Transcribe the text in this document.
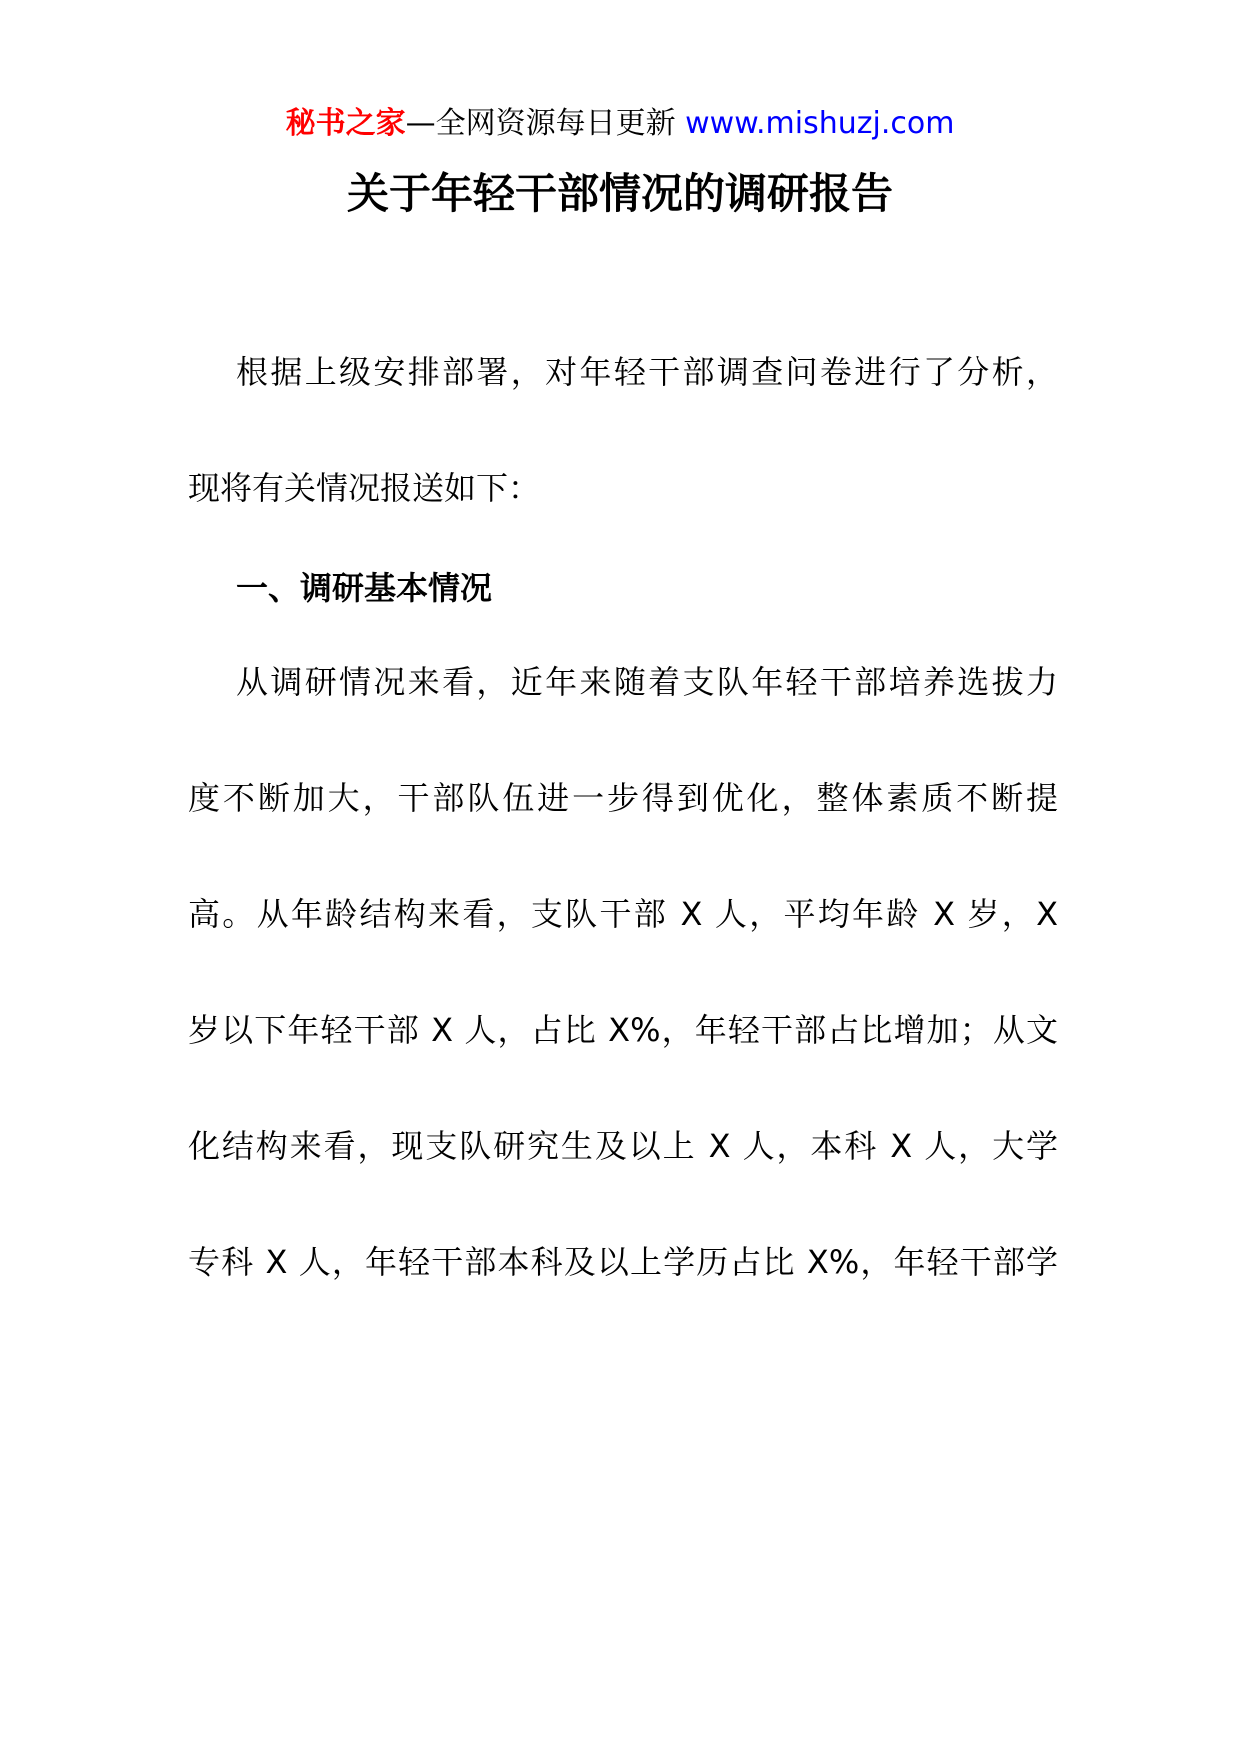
秘书之家—全网资源每日更新 www.mishuzj.com
关于年轻干部情况的调研报告

根据上级安排部署，对年轻干部调查问卷进行了分析，

现将有关情况报送如下：

一、调研基本情况

从调研情况来看，近年来随着支队年轻干部培养选拔力

度不断加大，干部队伍进一步得到优化，整体素质不断提

高。从年龄结构来看，支队干部 X 人，平均年龄 X 岁，X

岁以下年轻干部 X 人，占比 X%，年轻干部占比增加；从文

化结构来看，现支队研究生及以上 X 人，本科 X 人，大学

专科 X 人，年轻干部本科及以上学历占比 X%，年轻干部学
